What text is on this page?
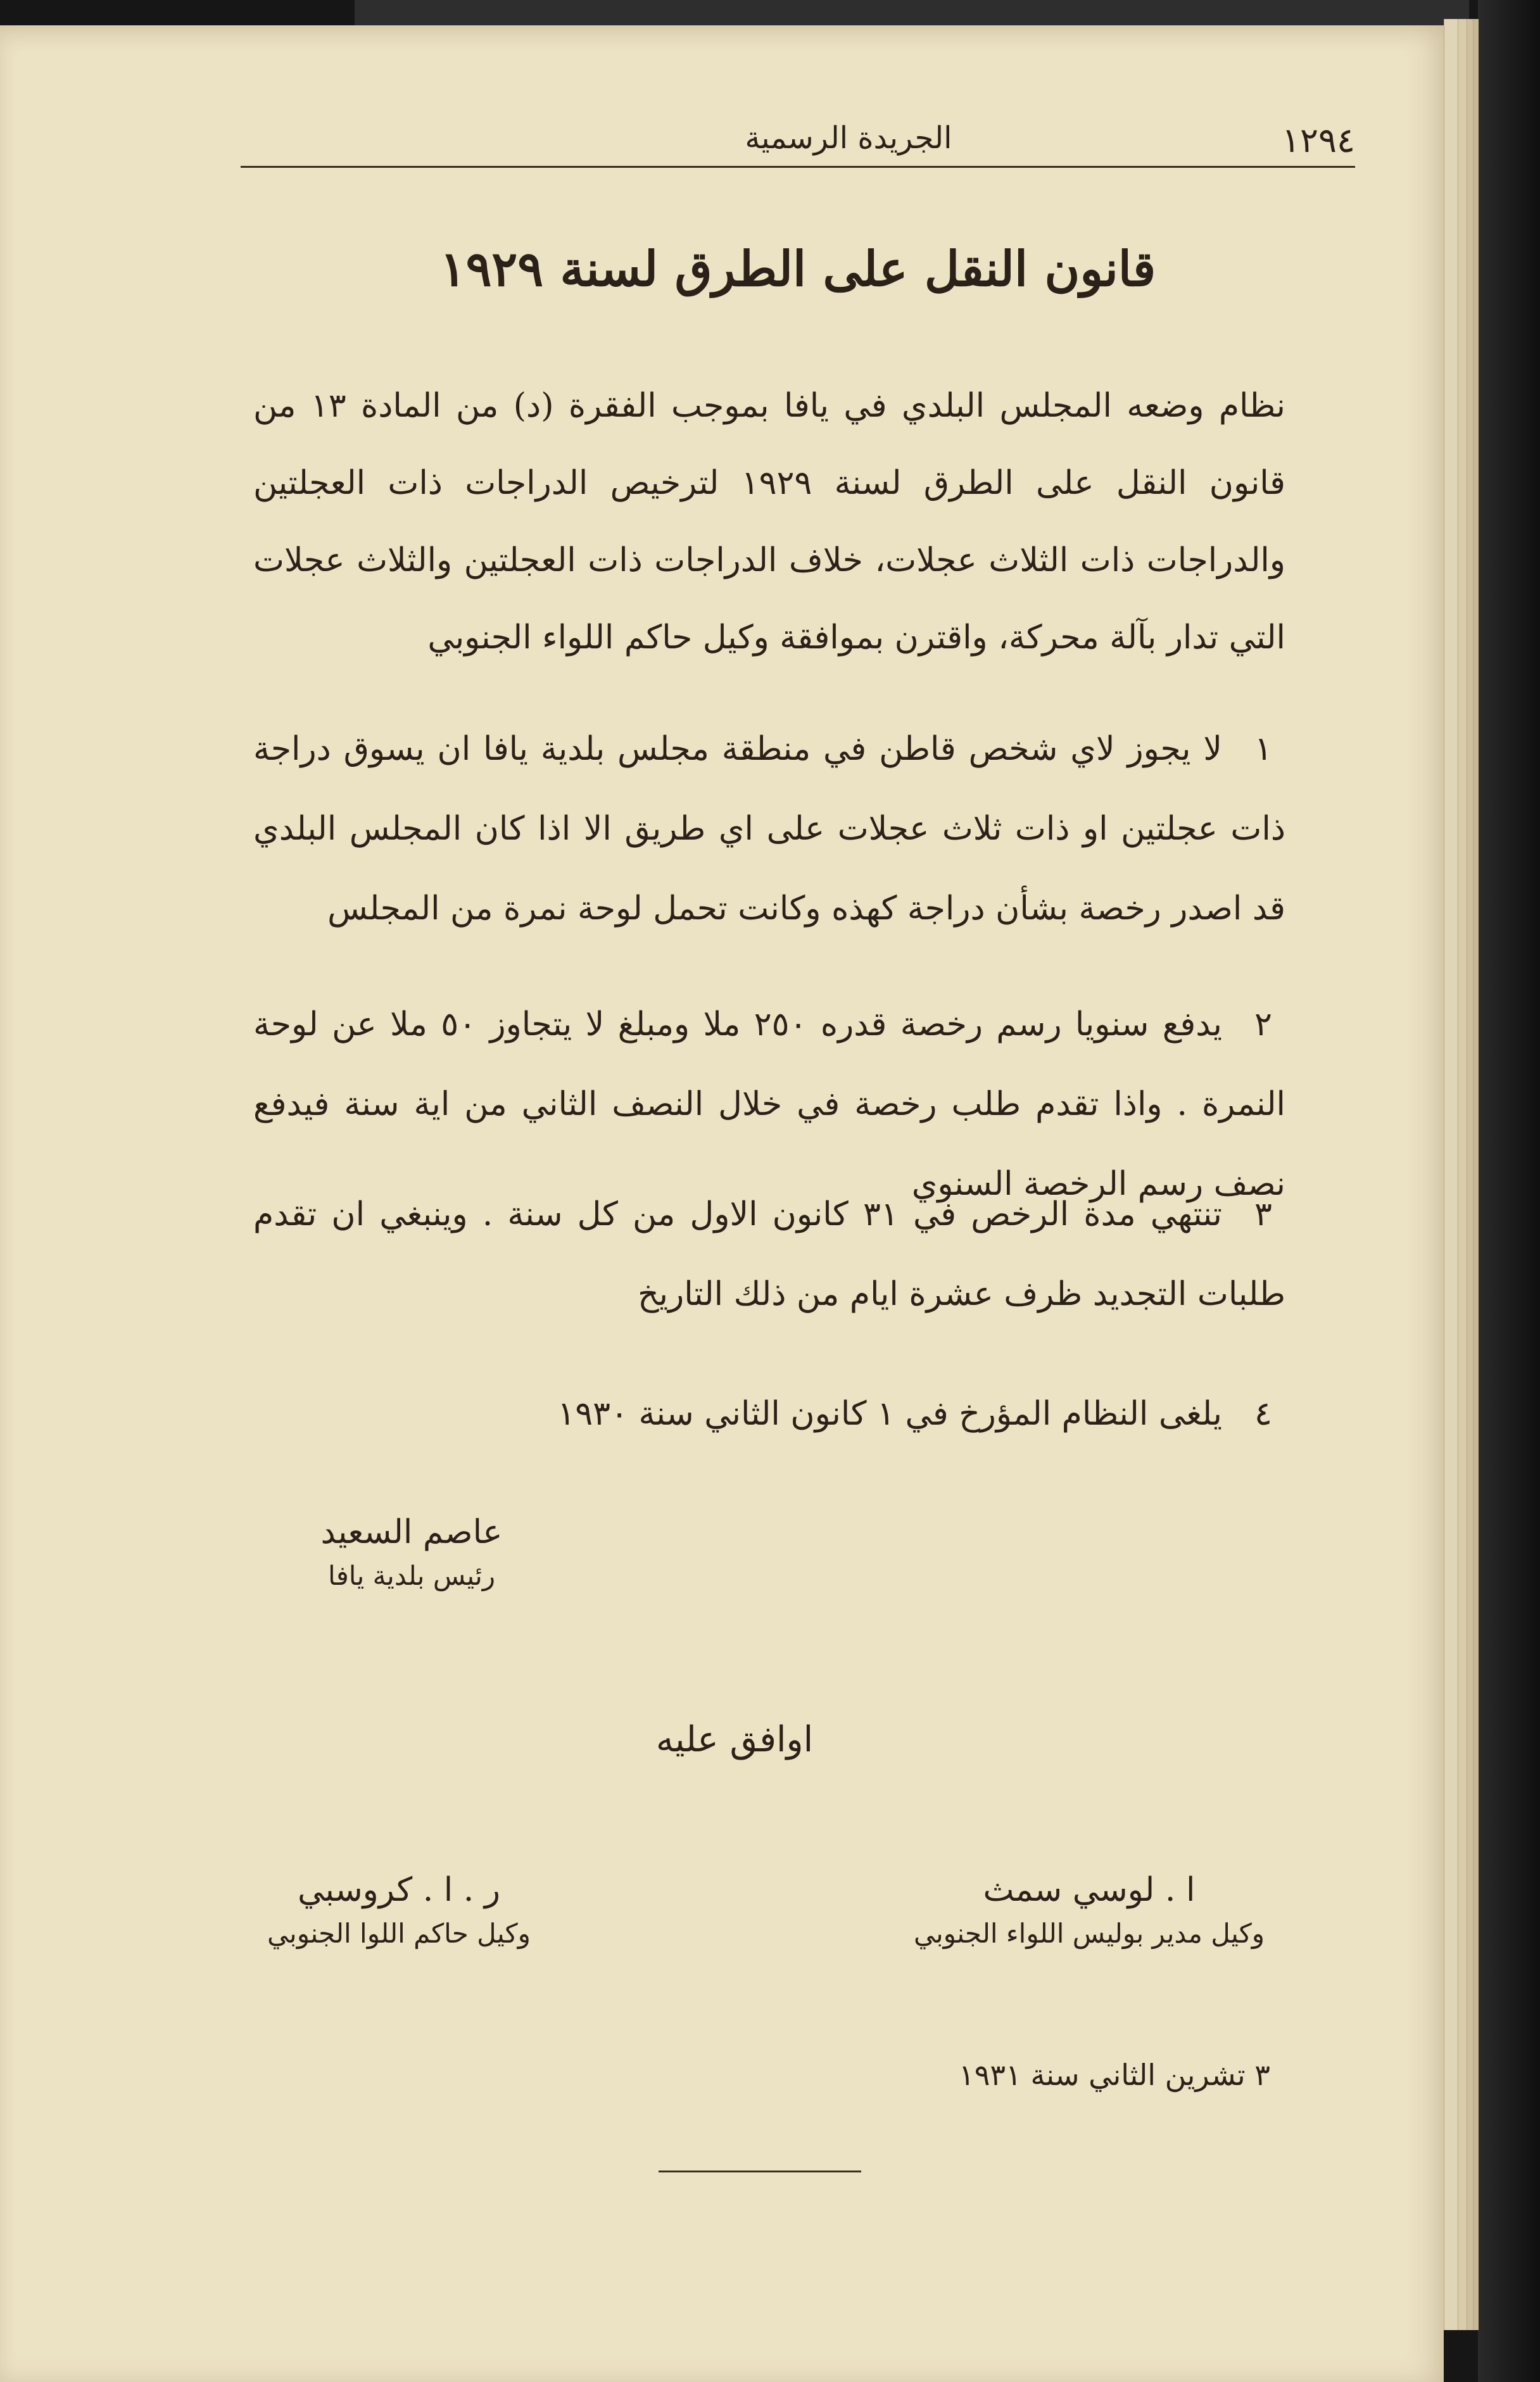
الجريدة الرسمية	١٢٩٤
قانون النقل على الطرق لسنة ١٩٢٩
نظام وضعه المجلس البلدي في يافا بموجب الفقرة (د) من المادة ١٣ من قانون النقل على الطرق لسنة ١٩٢٩ لترخيص الدراجات ذات العجلتين والدراجات ذات الثلاث عجلات، خلاف الدراجات ذات العجلتين والثلاث عجلات التي تدار بآلة محركة، واقترن بموافقة وكيل حاكم اللواء الجنوبي
١لا يجوز لاي شخص قاطن في منطقة مجلس بلدية يافا ان يسوق دراجة ذات عجلتين او ذات ثلاث عجلات على اي طريق الا اذا كان المجلس البلدي قد اصدر رخصة بشأن دراجة كهذه وكانت تحمل لوحة نمرة من المجلس
٢يدفع سنويا رسم رخصة قدره ٢٥٠ ملا ومبلغ لا يتجاوز ٥٠ ملا عن لوحة النمرة . واذا تقدم طلب رخصة في خلال النصف الثاني من اية سنة فيدفع نصف رسم الرخصة السنوي
٣تنتهي مدة الرخص في ٣١ كانون الاول من كل سنة . وينبغي ان تقدم طلبات التجديد ظرف عشرة ايام من ذلك التاريخ
٤يلغى النظام المؤرخ في ١ كانون الثاني سنة ١٩٣٠
عاصم السعيد
رئيس بلدية يافا
اوافق عليه
ا . لوسي سمث
وكيل مدير بوليس اللواء الجنوبي
ر . ا . كروسبي
وكيل حاكم اللوا الجنوبي
٣ تشرين الثاني سنة ١٩٣١
